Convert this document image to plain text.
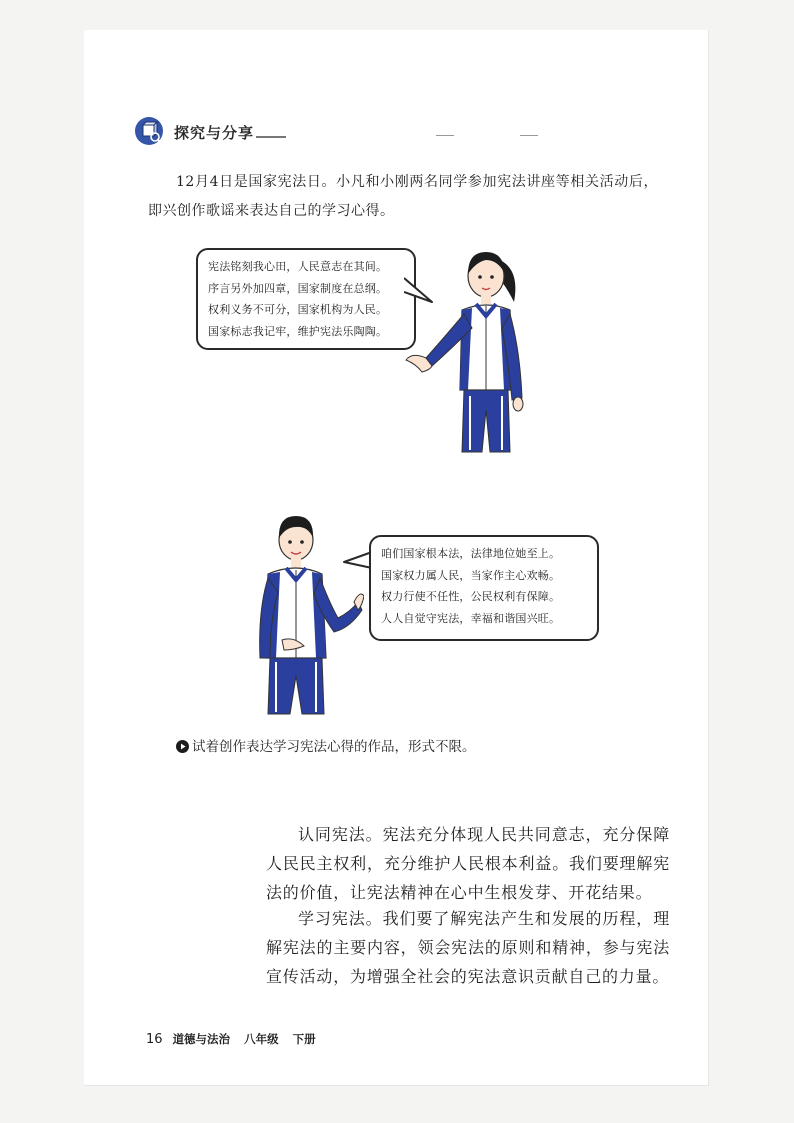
探究与分享
12月4日是国家宪法日。小凡和小刚两名同学参加宪法讲座等相关活动后，即兴创作歌谣来表达自己的学习心得。
宪法铭刻我心田，人民意志在其间。
序言另外加四章，国家制度在总纲。
权利义务不可分，国家机构为人民。
国家标志我记牢，维护宪法乐陶陶。
咱们国家根本法，法律地位她至上。
国家权力属人民，当家作主心欢畅。
权力行使不任性，公民权利有保障。
人人自觉守宪法，幸福和谐国兴旺。
试着创作表达学习宪法心得的作品，形式不限。
认同宪法。宪法充分体现人民共同意志，充分保障人民民主权利，充分维护人民根本利益。我们要理解宪法的价值，让宪法精神在心中生根发芽、开花结果。
学习宪法。我们要了解宪法产生和发展的历程，理解宪法的主要内容，领会宪法的原则和精神，参与宪法宣传活动，为增强全社会的宪法意识贡献自己的力量。
16 道德与法治 八年级 下册
